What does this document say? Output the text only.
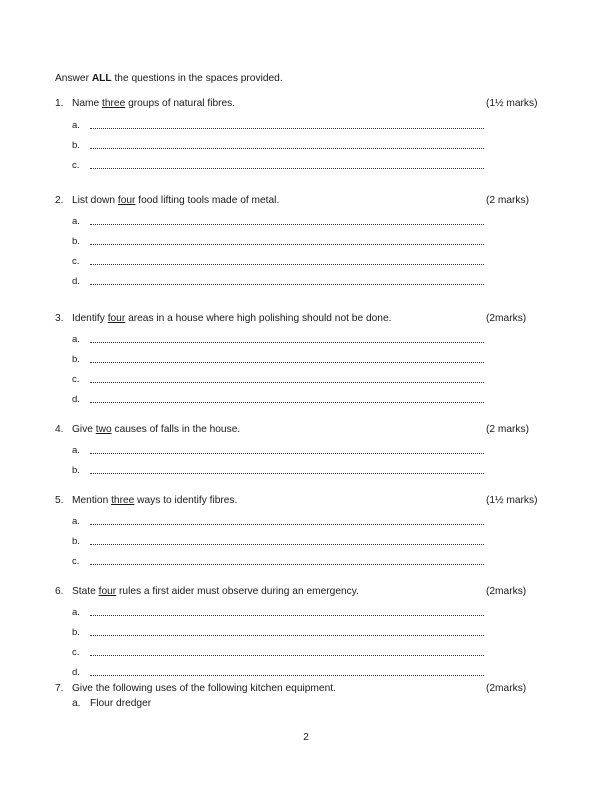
Answer ALL the questions in the spaces provided.
1. Name three groups of natural fibres.	(1½ marks)
a.
b.
c.
2. List down four food lifting tools made of metal.	(2 marks)
a.
b.
c.
d.
3. Identify four areas in a house where high polishing should not be done.	(2marks)
a.
b.
c.
d.
4. Give two causes of falls in the house.	(2 marks)
a.
b.
5. Mention three ways to identify fibres.	(1½ marks)
a.
b.
c.
6. State four rules a first aider must observe during an emergency.	(2marks)
a.
b.
c.
d.
7. Give the following uses of the following kitchen equipment.	(2marks)
a. Flour dredger
2
